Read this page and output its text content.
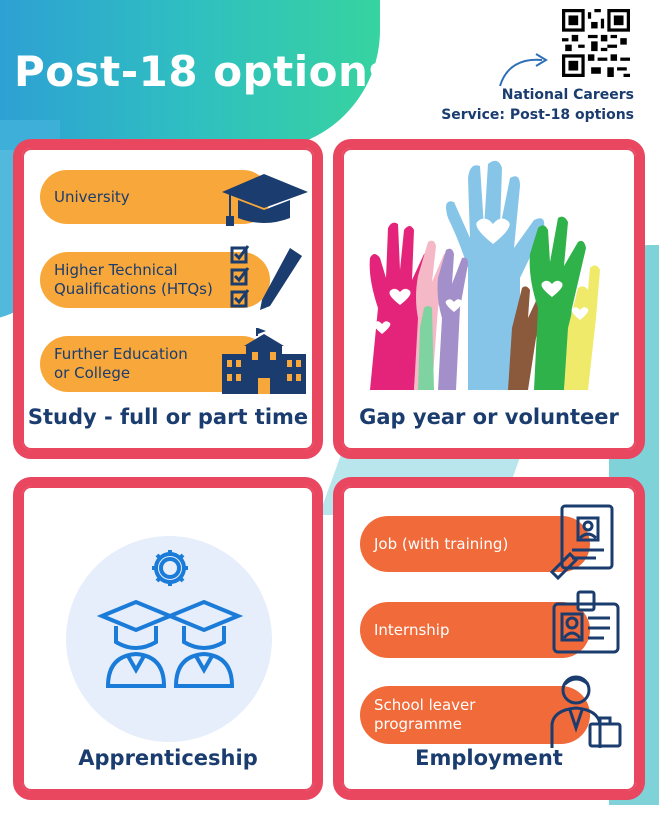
Post-18 options	National Careers
Service: Post-18 options

University
Higher Technical
Qualifications (HTQs)
Further Education
or College

Study - full or part time	Gap year or volunteer

Apprenticeship

Job (with training)
Internship
School leaver
programme

Employment
